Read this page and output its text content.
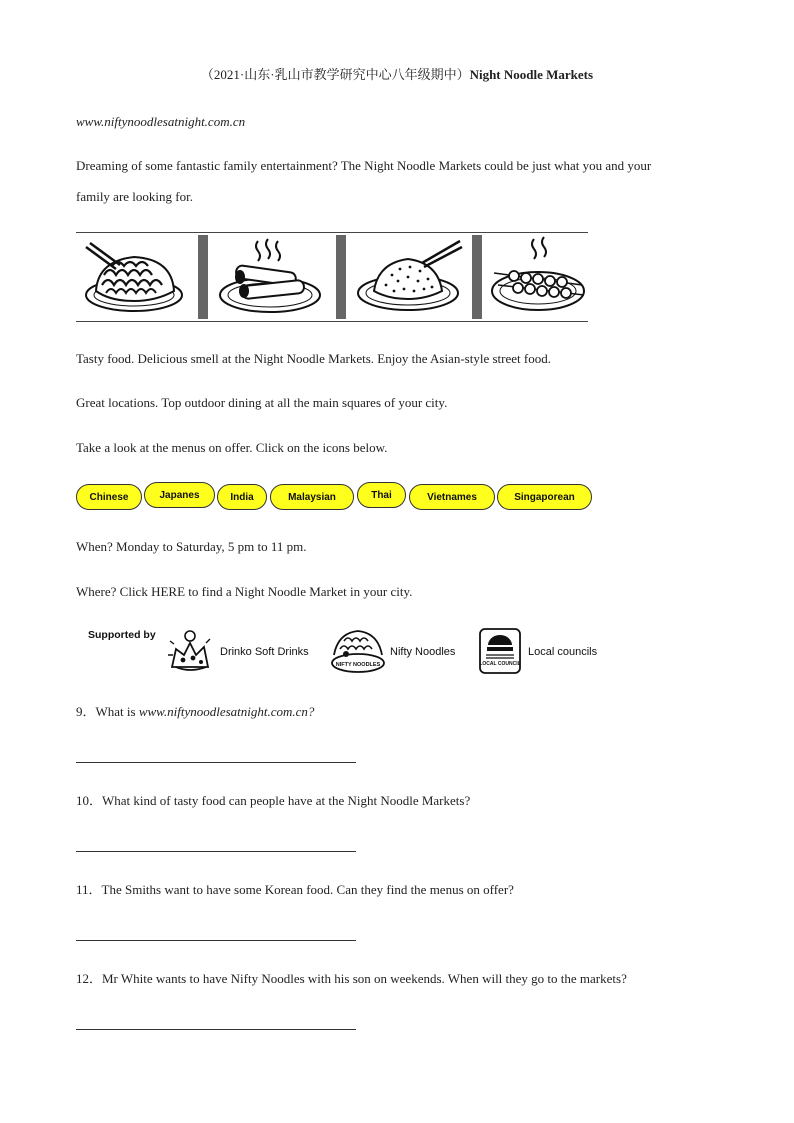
（2021·山东·乳山市教学研究中心八年级期中）Night Noodle Markets
www.niftynoodlesatnight.com.cn
Dreaming of some fantastic family entertainment? The Night Noodle Markets could be just what you and your
family are looking for.
Tasty food. Delicious smell at the Night Noodle Markets. Enjoy the Asian-style street food.
Great locations. Top outdoor dining at all the main squares of your city.
Take a look at the menus on offer. Click on the icons below.
Chinese	Japanes	India	Malaysian	Thai	Vietnames	Singaporean
When? Monday to Saturday, 5 pm to 11 pm.
Where? Click HERE to find a Night Noodle Market in your city.
Supported by
Drinko Soft Drinks
NIFTY NOODLES
Nifty Noodles
LOCAL COUNCIL
Local councils
9．What is www.niftynoodlesatnight.com.cn?
10．What kind of tasty food can people have at the Night Noodle Markets?
11．The Smiths want to have some Korean food. Can they find the menus on offer?
12．Mr White wants to have Nifty Noodles with his son on weekends. When will they go to the markets?
